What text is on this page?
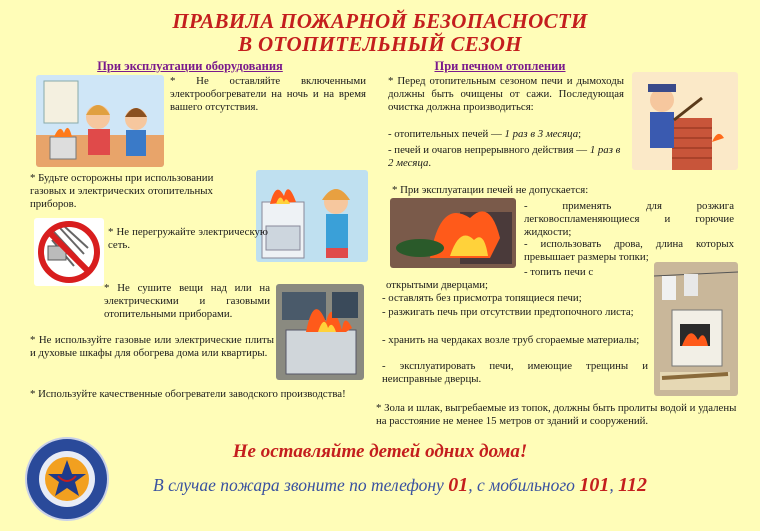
ПРАВИЛА ПОЖАРНОЙ БЕЗОПАСНОСТИ
В ОТОПИТЕЛЬНЫЙ СЕЗОН
При эксплуатации оборудования	При печном отоплении
* Не оставляйте включенными электрообогреватели на ночь и на время вашего отсутствия.
* Будьте осторожны при использовании газовых и электрических отопительных приборов.
* Не перегружайте электрическую сеть.
* Не сушите вещи над или на электрическими и газовыми отопительными приборами.
* Не используйте газовые или электрические плиты и духовые шкафы для обогрева дома или квартиры.
* Используйте качественные обогреватели заводского производства!
* Перед отопительным сезоном печи и дымоходы должны быть очищены от сажи. Последующая очистка должна производиться:
- отопительных печей — 1 раз в 3 месяца;
- печей и очагов непрерывного действия — 1 раз в 2 месяца.
* При эксплуатации печей не допускается:
- применять для розжига легковоспламеняющиеся и горючие жидкости;
- использовать дрова, длина которых превышает размеры топки;
- топить печи с
открытыми дверцами;
- оставлять без присмотра топящиеся печи;
- разжигать печь при отсутствии предтопочного листа;
- хранить на чердаках возле труб сгораемые материалы;
- эксплуатировать печи, имеющие трещины и неисправные дверцы.
* Зола и шлак, выгребаемые из топок, должны быть пролиты водой и удалены на расстояние не менее 15 метров от зданий и сооружений.
Не оставляйте детей одних дома!
В случае пожара звоните по телефону 01, с мобильного 101, 112
